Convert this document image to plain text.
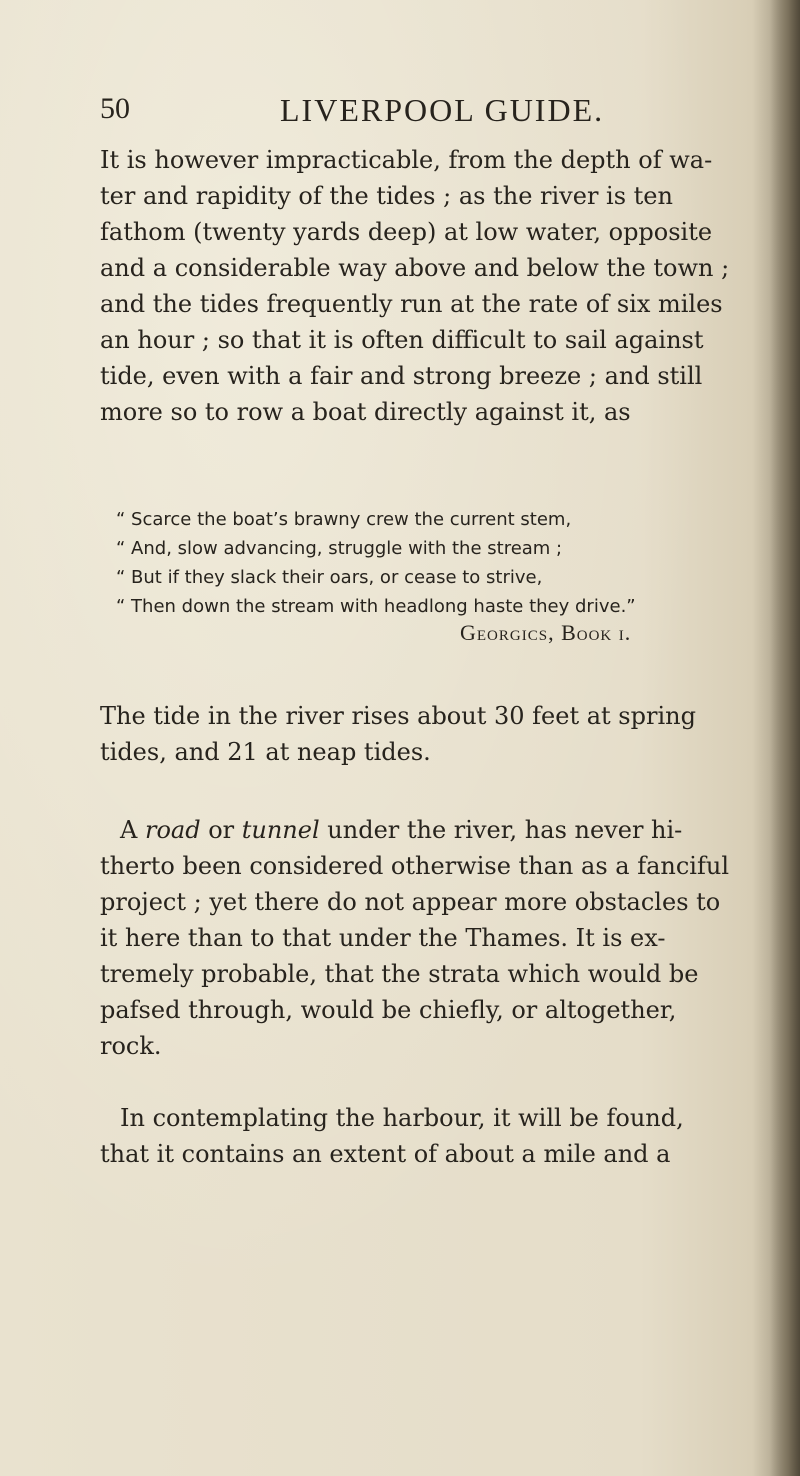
50	LIVERPOOL GUIDE.
It is however impracticable, from the depth of wa-
ter and rapidity of the tides ; as the river is ten
fathom (twenty yards deep) at low water, opposite
and a considerable way above and below the town ;
and the tides frequently run at the rate of six miles
an hour ; so that it is often difficult to sail against
tide, even with a fair and strong breeze ; and still
more so to row a boat directly against it, as
“ Scarce the boat’s brawny crew the current stem,
“ And, slow advancing, struggle with the stream ;
“ But if they slack their oars, or cease to strive,
“ Then down the stream with headlong haste they drive.”
Georgics, Book i.
The tide in the river rises about 30 feet at spring
tides, and 21 at neap tides.
A road or tunnel under the river, has never hi-
therto been considered otherwise than as a fanciful
project ; yet there do not appear more obstacles to
it here than to that under the Thames. It is ex-
tremely probable, that the strata which would be
pafsed through, would be chiefly, or altogether,
rock.
In contemplating the harbour, it will be found,
that it contains an extent of about a mile and a
